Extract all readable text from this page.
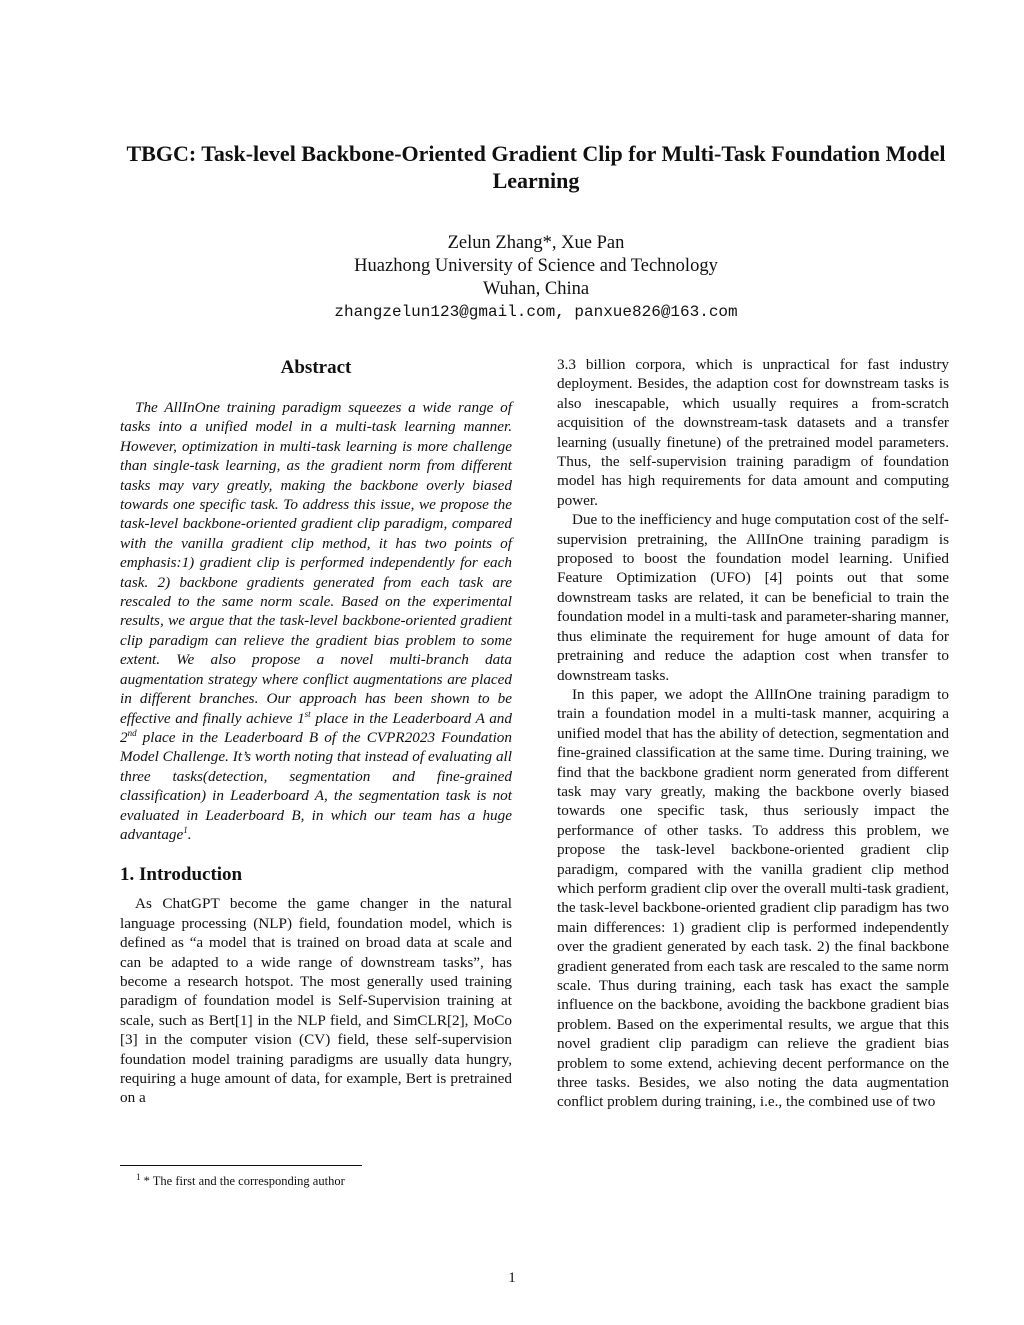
TBGC: Task-level Backbone-Oriented Gradient Clip for Multi-Task Foundation Model Learning
Zelun Zhang*, Xue Pan
Huazhong University of Science and Technology
Wuhan, China
zhangzelun123@gmail.com, panxue826@163.com
Abstract

The AllInOne training paradigm squeezes a wide range of tasks into a unified model in a multi-task learning manner. However, optimization in multi-task learning is more challenge than single-task learning, as the gradient norm from different tasks may vary greatly, making the backbone overly biased towards one specific task. To address this issue, we propose the task-level backbone-oriented gradient clip paradigm, compared with the vanilla gradient clip method, it has two points of emphasis:1) gradient clip is performed independently for each task. 2) backbone gradients generated from each task are rescaled to the same norm scale. Based on the experimental results, we argue that the task-level backbone-oriented gradient clip paradigm can relieve the gradient bias problem to some extent. We also propose a novel multi-branch data augmentation strategy where conflict augmentations are placed in different branches. Our approach has been shown to be effective and finally achieve 1st place in the Leaderboard A and 2nd place in the Leaderboard B of the CVPR2023 Foundation Model Challenge. It’s worth noting that instead of evaluating all three tasks(detection, segmentation and fine-grained classification) in Leaderboard A, the segmentation task is not evaluated in Leaderboard B, in which our team has a huge advantage$^1$.

1. Introduction

As ChatGPT become the game changer in the natural language processing (NLP) field, foundation model, which is defined as “a model that is trained on broad data at scale and can be adapted to a wide range of downstream tasks”, has become a research hotspot. The most generally used training paradigm of foundation model is Self-Supervision training at scale, such as Bert[1] in the NLP field, and SimCLR[2], MoCo [3] in the computer vision (CV) field, these self-supervision foundation model training paradigms are usually data hungry, requiring a huge amount of data, for example, Bert is pretrained on a

3.3 billion corpora, which is unpractical for fast industry deployment. Besides, the adaption cost for downstream tasks is also inescapable, which usually requires a from-scratch acquisition of the downstream-task datasets and a transfer learning (usually finetune) of the pretrained model parameters. Thus, the self-supervision training paradigm of foundation model has high requirements for data amount and computing power.

Due to the inefficiency and huge computation cost of the self-supervision pretraining, the AllInOne training paradigm is proposed to boost the foundation model learning. Unified Feature Optimization (UFO) [4] points out that some downstream tasks are related, it can be beneficial to train the foundation model in a multi-task and parameter-sharing manner, thus eliminate the requirement for huge amount of data for pretraining and reduce the adaption cost when transfer to downstream tasks.

In this paper, we adopt the AllInOne training paradigm to train a foundation model in a multi-task manner, acquiring a unified model that has the ability of detection, segmentation and fine-grained classification at the same time. During training, we find that the backbone gradient norm generated from different task may vary greatly, making the backbone overly biased towards one specific task, thus seriously impact the performance of other tasks. To address this problem, we propose the task-level backbone-oriented gradient clip paradigm, compared with the vanilla gradient clip method which perform gradient clip over the overall multi-task gradient, the task-level backbone-oriented gradient clip paradigm has two main differences: 1) gradient clip is performed independently over the gradient generated by each task. 2) the final backbone gradient generated from each task are rescaled to the same norm scale. Thus during training, each task has exact the sample influence on the backbone, avoiding the backbone gradient bias problem. Based on the experimental results, we argue that this novel gradient clip paradigm can relieve the gradient bias problem to some extend, achieving decent performance on the three tasks. Besides, we also noting the data augmentation conflict problem during training, i.e., the combined use of two

$^1$ * The first and the corresponding author
1
